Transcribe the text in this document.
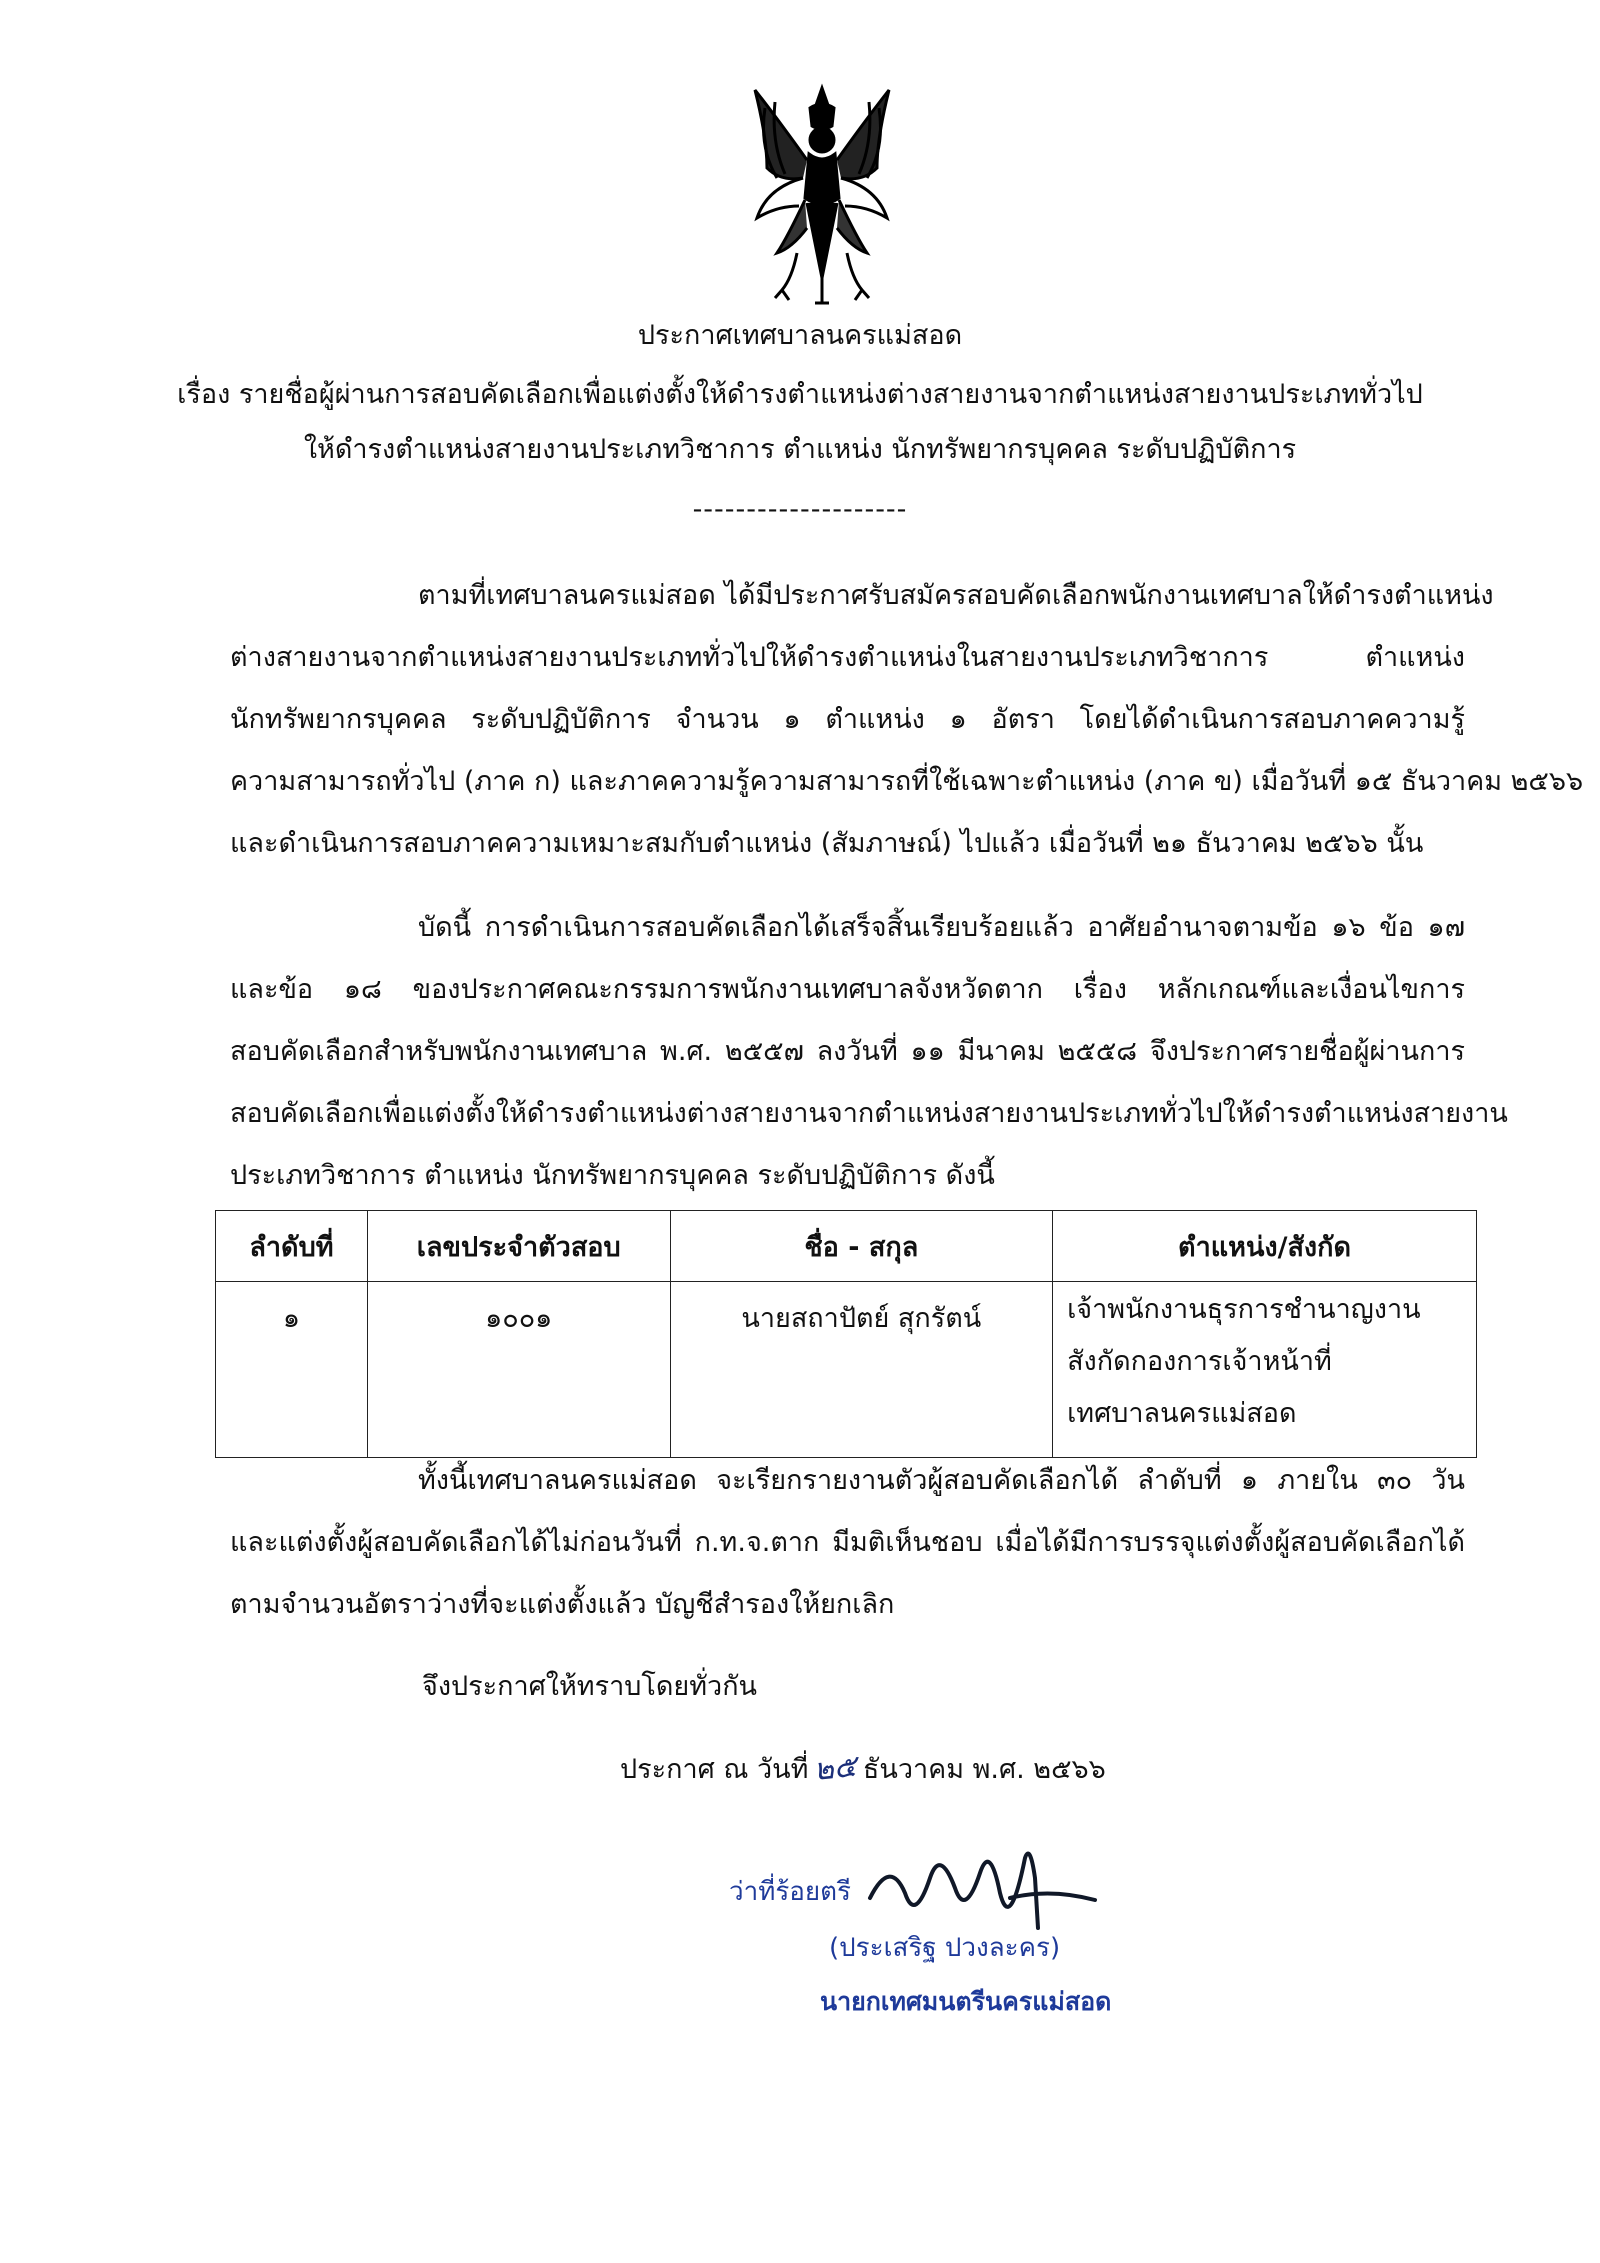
ประกาศเทศบาลนครแม่สอด
เรื่อง รายชื่อผู้ผ่านการสอบคัดเลือกเพื่อแต่งตั้งให้ดำรงตำแหน่งต่างสายงานจากตำแหน่งสายงานประเภททั่วไป
ให้ดำรงตำแหน่งสายงานประเภทวิชาการ ตำแหน่ง นักทรัพยากรบุคคล ระดับปฏิบัติการ
--------------------
ตามที่เทศบาลนครแม่สอด ได้มีประกาศรับสมัครสอบคัดเลือกพนักงานเทศบาลให้ดำรงตำแหน่ง
ต่างสายงานจากตำแหน่งสายงานประเภททั่วไปให้ดำรงตำแหน่งในสายงานประเภทวิชาการ ตำแหน่ง
นักทรัพยากรบุคคล ระดับปฏิบัติการ จำนวน ๑ ตำแหน่ง ๑ อัตรา โดยได้ดำเนินการสอบภาคความรู้
ความสามารถทั่วไป (ภาค ก) และภาคความรู้ความสามารถที่ใช้เฉพาะตำแหน่ง (ภาค ข) เมื่อวันที่ ๑๕ ธันวาคม ๒๕๖๖
และดำเนินการสอบภาคความเหมาะสมกับตำแหน่ง (สัมภาษณ์) ไปแล้ว เมื่อวันที่ ๒๑ ธันวาคม ๒๕๖๖ นั้น
บัดนี้ การดำเนินการสอบคัดเลือกได้เสร็จสิ้นเรียบร้อยแล้ว อาศัยอำนาจตามข้อ ๑๖ ข้อ ๑๗
และข้อ ๑๘ ของประกาศคณะกรรมการพนักงานเทศบาลจังหวัดตาก เรื่อง หลักเกณฑ์และเงื่อนไขการ
สอบคัดเลือกสำหรับพนักงานเทศบาล พ.ศ. ๒๕๕๗ ลงวันที่ ๑๑ มีนาคม ๒๕๕๘ จึงประกาศรายชื่อผู้ผ่านการ
สอบคัดเลือกเพื่อแต่งตั้งให้ดำรงตำแหน่งต่างสายงานจากตำแหน่งสายงานประเภททั่วไปให้ดำรงตำแหน่งสายงาน
ประเภทวิชาการ ตำแหน่ง นักทรัพยากรบุคคล ระดับปฏิบัติการ ดังนี้
ลำดับที่	เลขประจำตัวสอบ	ชื่อ - สกุล	ตำแหน่ง/สังกัด
๑	๑๐๐๑	นายสถาปัตย์ สุกรัตน์	เจ้าพนักงานธุรการชำนาญงาน
สังกัดกองการเจ้าหน้าที่
เทศบาลนครแม่สอด
ทั้งนี้เทศบาลนครแม่สอด จะเรียกรายงานตัวผู้สอบคัดเลือกได้ ลำดับที่ ๑ ภายใน ๓๐ วัน
และแต่งตั้งผู้สอบคัดเลือกได้ไม่ก่อนวันที่ ก.ท.จ.ตาก มีมติเห็นชอบ เมื่อได้มีการบรรจุแต่งตั้งผู้สอบคัดเลือกได้
ตามจำนวนอัตราว่างที่จะแต่งตั้งแล้ว บัญชีสำรองให้ยกเลิก
จึงประกาศให้ทราบโดยทั่วกัน
ประกาศ ณ วันที่ ๒๕ ธันวาคม พ.ศ. ๒๕๖๖
ว่าที่ร้อยตรี
(ประเสริฐ ปวงละคร)
นายกเทศมนตรีนครแม่สอด
